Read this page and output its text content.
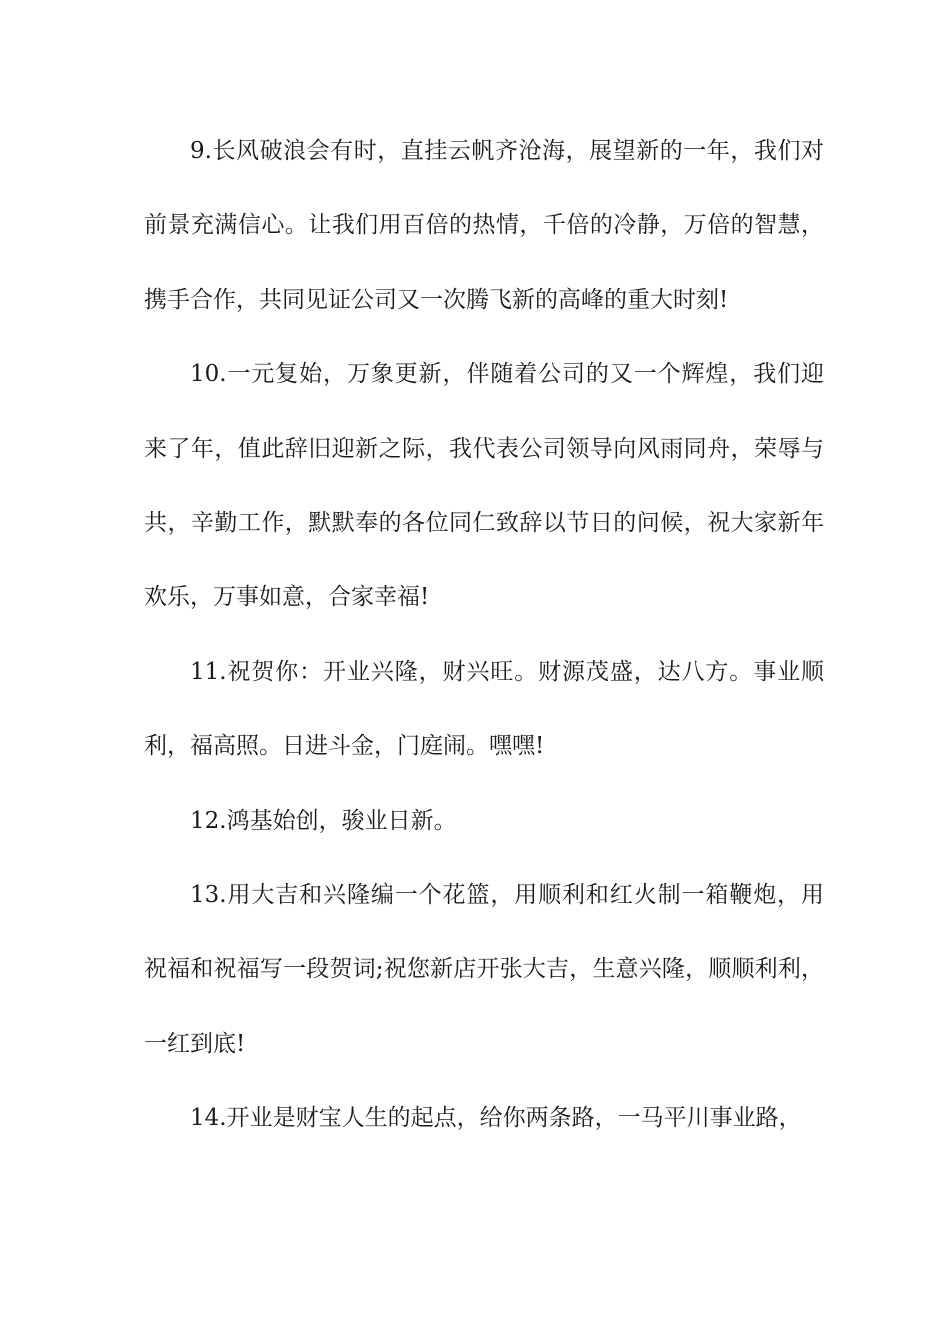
9.长风破浪会有时，直挂云帆齐沧海，展望新的一年，我们对前景充满信心。让我们用百倍的热情，千倍的冷静，万倍的智慧，携手合作，共同见证公司又一次腾飞新的高峰的重大时刻!

10.一元复始，万象更新，伴随着公司的又一个辉煌，我们迎来了年，值此辞旧迎新之际，我代表公司领导向风雨同舟，荣辱与共，辛勤工作，默默奉的各位同仁致辞以节日的问候，祝大家新年欢乐，万事如意，合家幸福!

11.祝贺你：开业兴隆，财兴旺。财源茂盛，达八方。事业顺利，福高照。日进斗金，门庭闹。嘿嘿!

12.鸿基始创，骏业日新。

13.用大吉和兴隆编一个花篮，用顺利和红火制一箱鞭炮，用祝福和祝福写一段贺词;祝您新店开张大吉，生意兴隆，顺顺利利，一红到底!

14.开业是财宝人生的起点，给你两条路，一马平川事业路，
